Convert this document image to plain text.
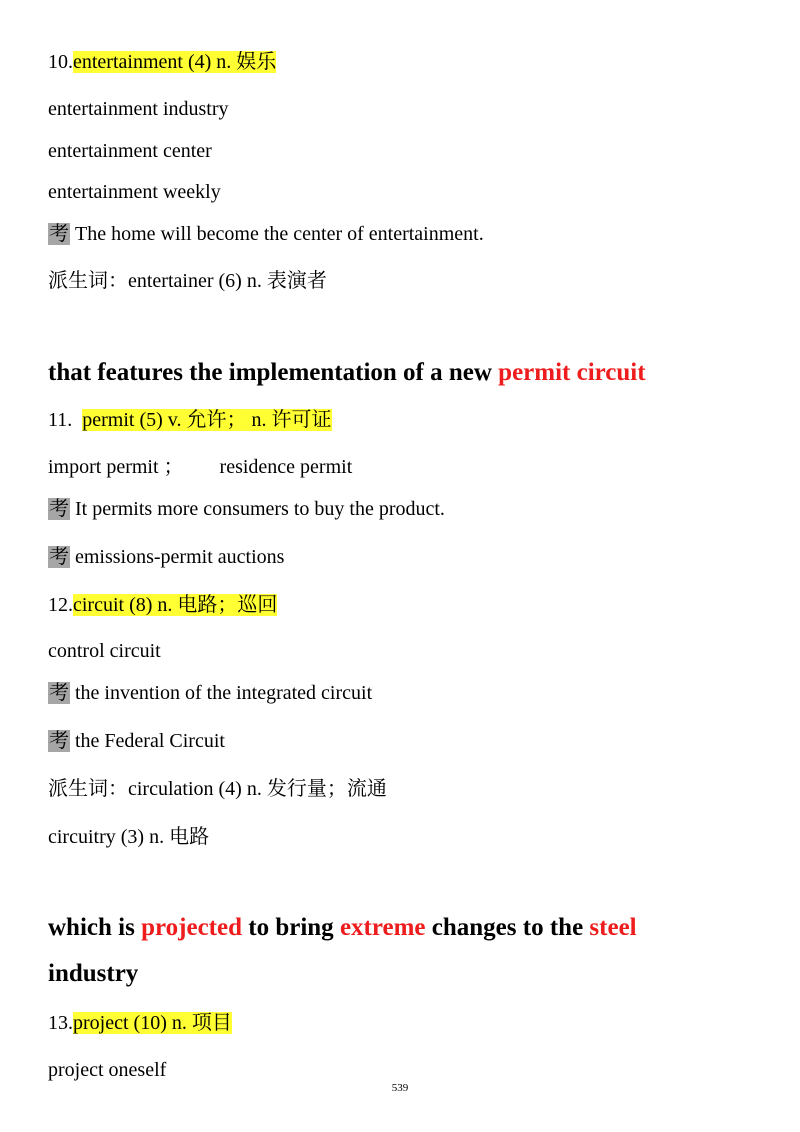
10.entertainment (4) n. 娱乐
entertainment industry
entertainment center
entertainment weekly
考 The home will become the center of entertainment.
派生词：entertainer (6) n. 表演者
that features the implementation of a new permit circuit
11. permit (5) v. 允许； n. 许可证
import permit ； residence permit
考 It permits more consumers to buy the product.
考 emissions-permit auctions
12.circuit (8) n. 电路；巡回
control circuit
考 the invention of the integrated circuit
考 the Federal Circuit
派生词：circulation (4) n. 发行量；流通
circuitry (3) n. 电路
which is projected to bring extreme changes to the steel
industry
13.project (10) n. 项目
project oneself
539
